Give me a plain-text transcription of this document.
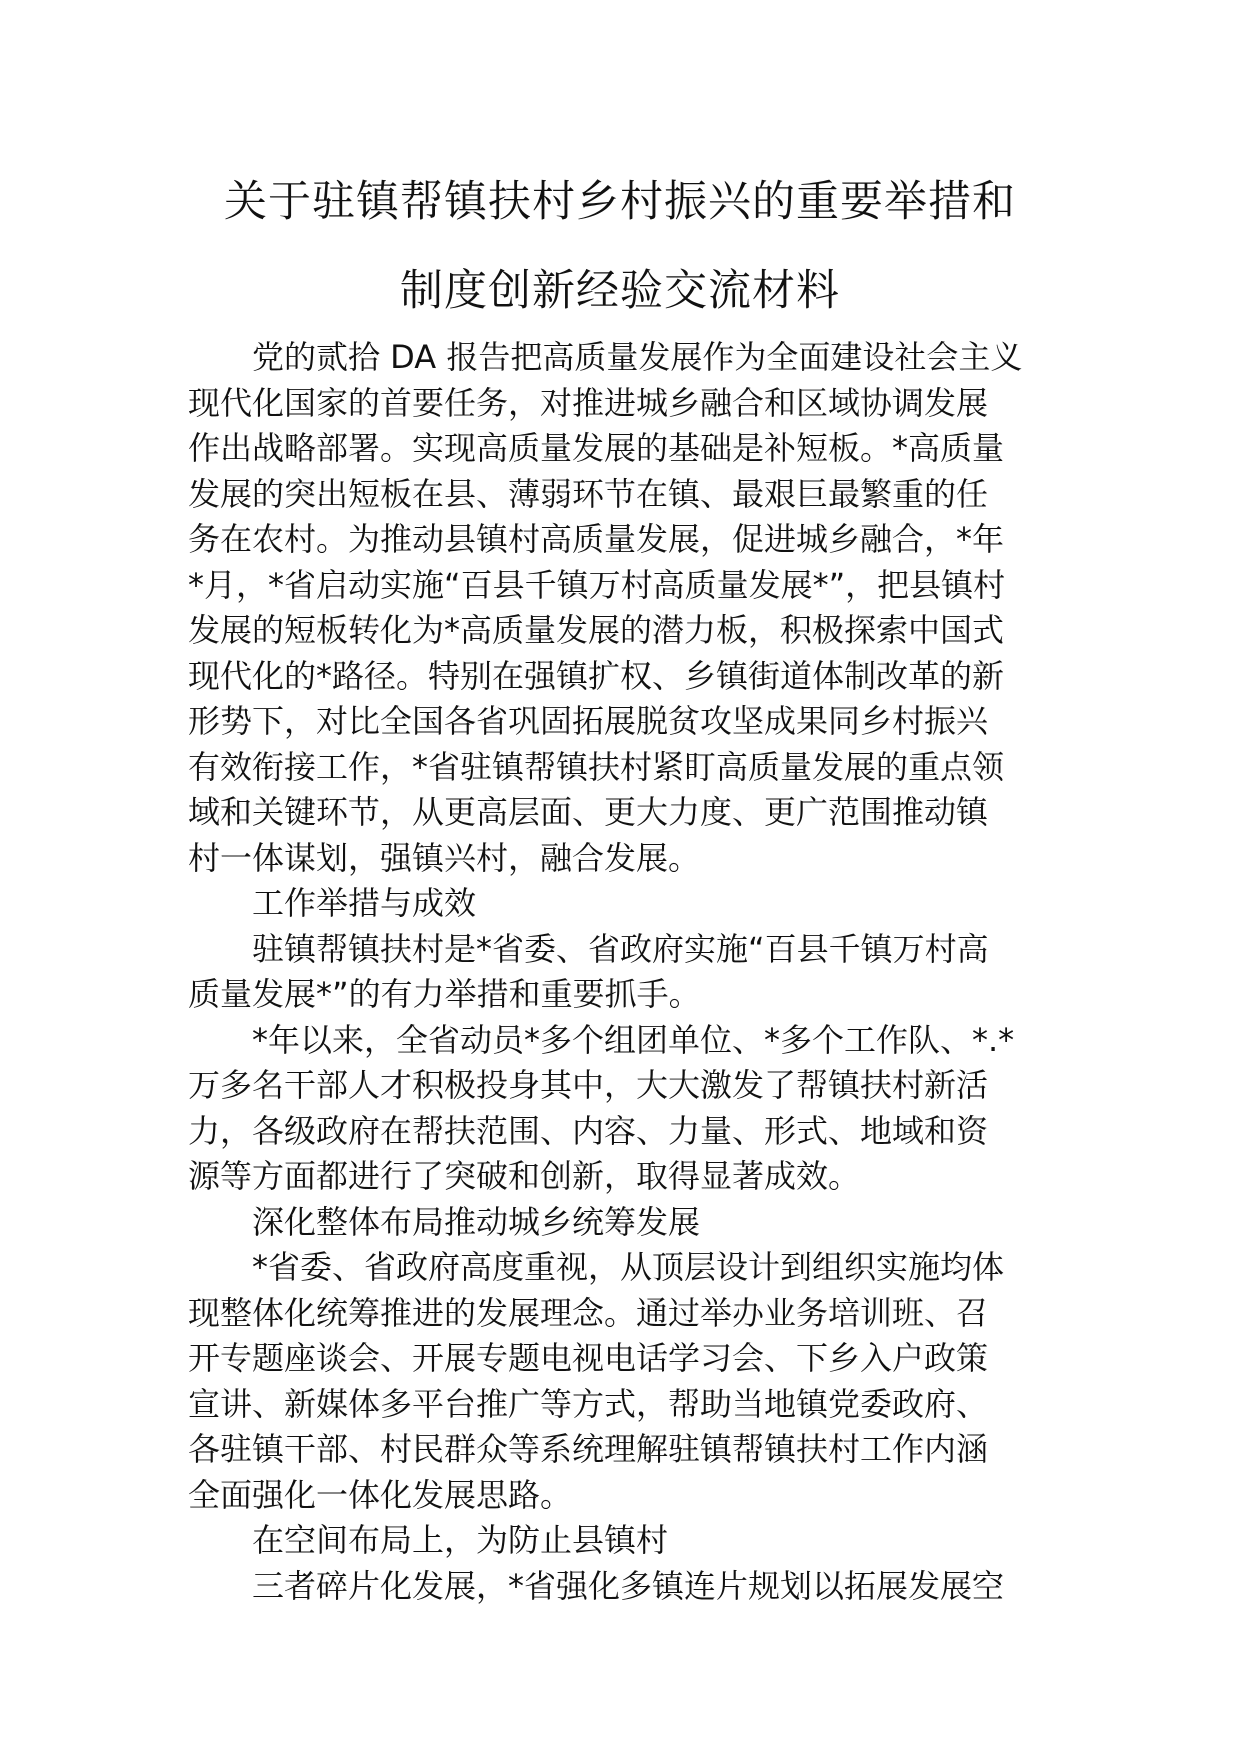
关于驻镇帮镇扶村乡村振兴的重要举措和
制度创新经验交流材料

党的贰拾 DA 报告把高质量发展作为全面建设社会主义

现代化国家的首要任务，对推进城乡融合和区域协调发展

作出战略部署。实现高质量发展的基础是补短板。*高质量

发展的突出短板在县、薄弱环节在镇、最艰巨最繁重的任

务在农村。为推动县镇村高质量发展，促进城乡融合，*年

*月，*省启动实施“百县千镇万村高质量发展*”，把县镇村

发展的短板转化为*高质量发展的潜力板，积极探索中国式

现代化的*路径。特别在强镇扩权、乡镇街道体制改革的新

形势下，对比全国各省巩固拓展脱贫攻坚成果同乡村振兴

有效衔接工作，*省驻镇帮镇扶村紧盯高质量发展的重点领

域和关键环节，从更高层面、更大力度、更广范围推动镇

村一体谋划，强镇兴村，融合发展。

工作举措与成效

驻镇帮镇扶村是*省委、省政府实施“百县千镇万村高

质量发展*”的有力举措和重要抓手。

*年以来，全省动员*多个组团单位、*多个工作队、*.*

万多名干部人才积极投身其中，大大激发了帮镇扶村新活

力，各级政府在帮扶范围、内容、力量、形式、地域和资

源等方面都进行了突破和创新，取得显著成效。

深化整体布局推动城乡统筹发展

*省委、省政府高度重视，从顶层设计到组织实施均体

现整体化统筹推进的发展理念。通过举办业务培训班、召

开专题座谈会、开展专题电视电话学习会、下乡入户政策

宣讲、新媒体多平台推广等方式，帮助当地镇党委政府、

各驻镇干部、村民群众等系统理解驻镇帮镇扶村工作内涵

全面强化一体化发展思路。

在空间布局上，为防止县镇村

三者碎片化发展，*省强化多镇连片规划以拓展发展空
